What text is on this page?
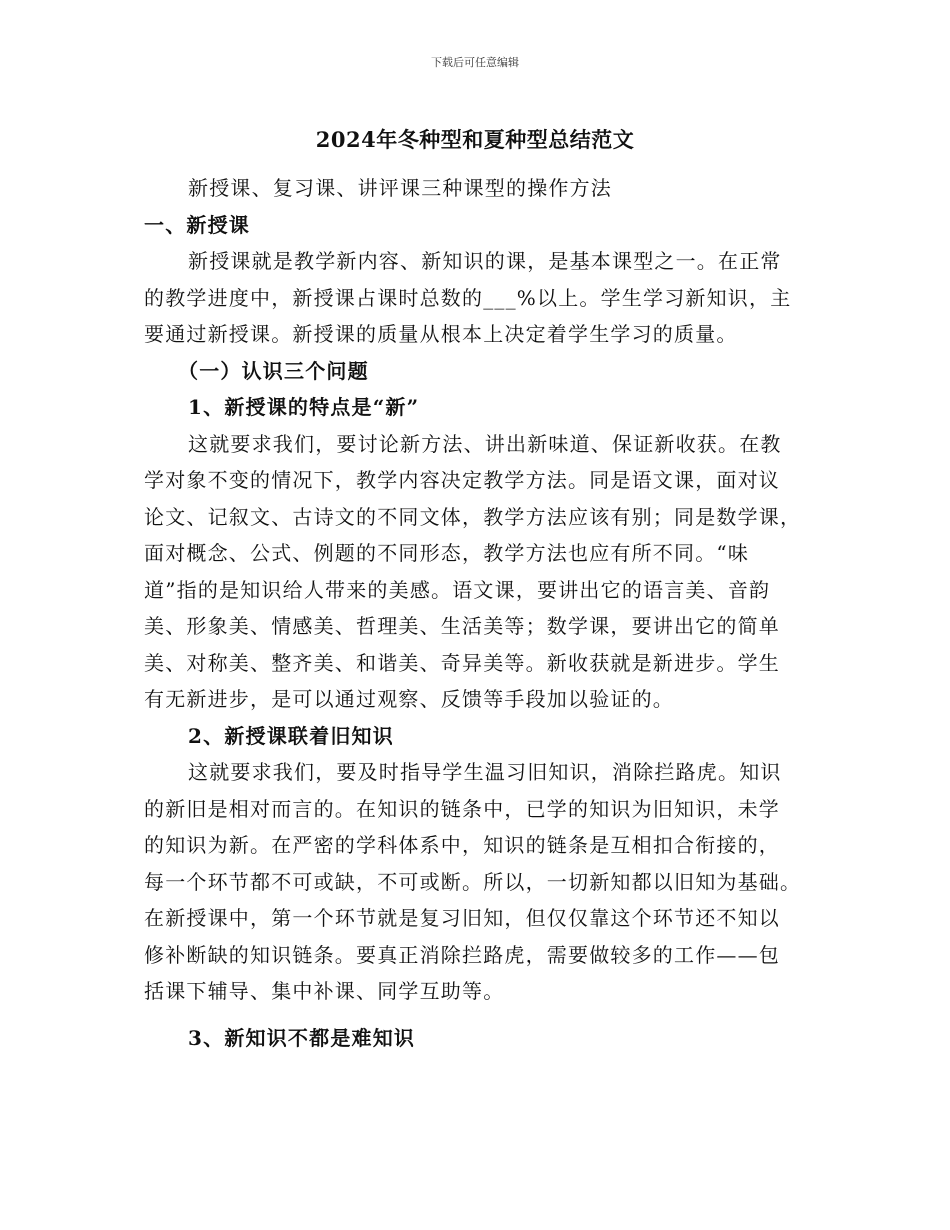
下载后可任意编辑
2024年冬种型和夏种型总结范文
新授课、复习课、讲评课三种课型的操作方法
一、新授课
新授课就是教学新内容、新知识的课，是基本课型之一。在正常
的教学进度中，新授课占课时总数的___%以上。学生学习新知识，主
要通过新授课。新授课的质量从根本上决定着学生学习的质量。
（一）认识三个问题
1、新授课的特点是“新”
这就要求我们，要讨论新方法、讲出新味道、保证新收获。在教
学对象不变的情况下，教学内容决定教学方法。同是语文课，面对议
论文、记叙文、古诗文的不同文体，教学方法应该有别；同是数学课，
面对概念、公式、例题的不同形态，教学方法也应有所不同。“味
道”指的是知识给人带来的美感。语文课，要讲出它的语言美、音韵
美、形象美、情感美、哲理美、生活美等；数学课，要讲出它的简单
美、对称美、整齐美、和谐美、奇异美等。新收获就是新进步。学生
有无新进步，是可以通过观察、反馈等手段加以验证的。
2、新授课联着旧知识
这就要求我们，要及时指导学生温习旧知识，消除拦路虎。知识
的新旧是相对而言的。在知识的链条中，已学的知识为旧知识，未学
的知识为新。在严密的学科体系中，知识的链条是互相扣合衔接的，
每一个环节都不可或缺，不可或断。所以，一切新知都以旧知为基础。
在新授课中，第一个环节就是复习旧知，但仅仅靠这个环节还不知以
修补断缺的知识链条。要真正消除拦路虎，需要做较多的工作——包
括课下辅导、集中补课、同学互助等。
3、新知识不都是难知识
